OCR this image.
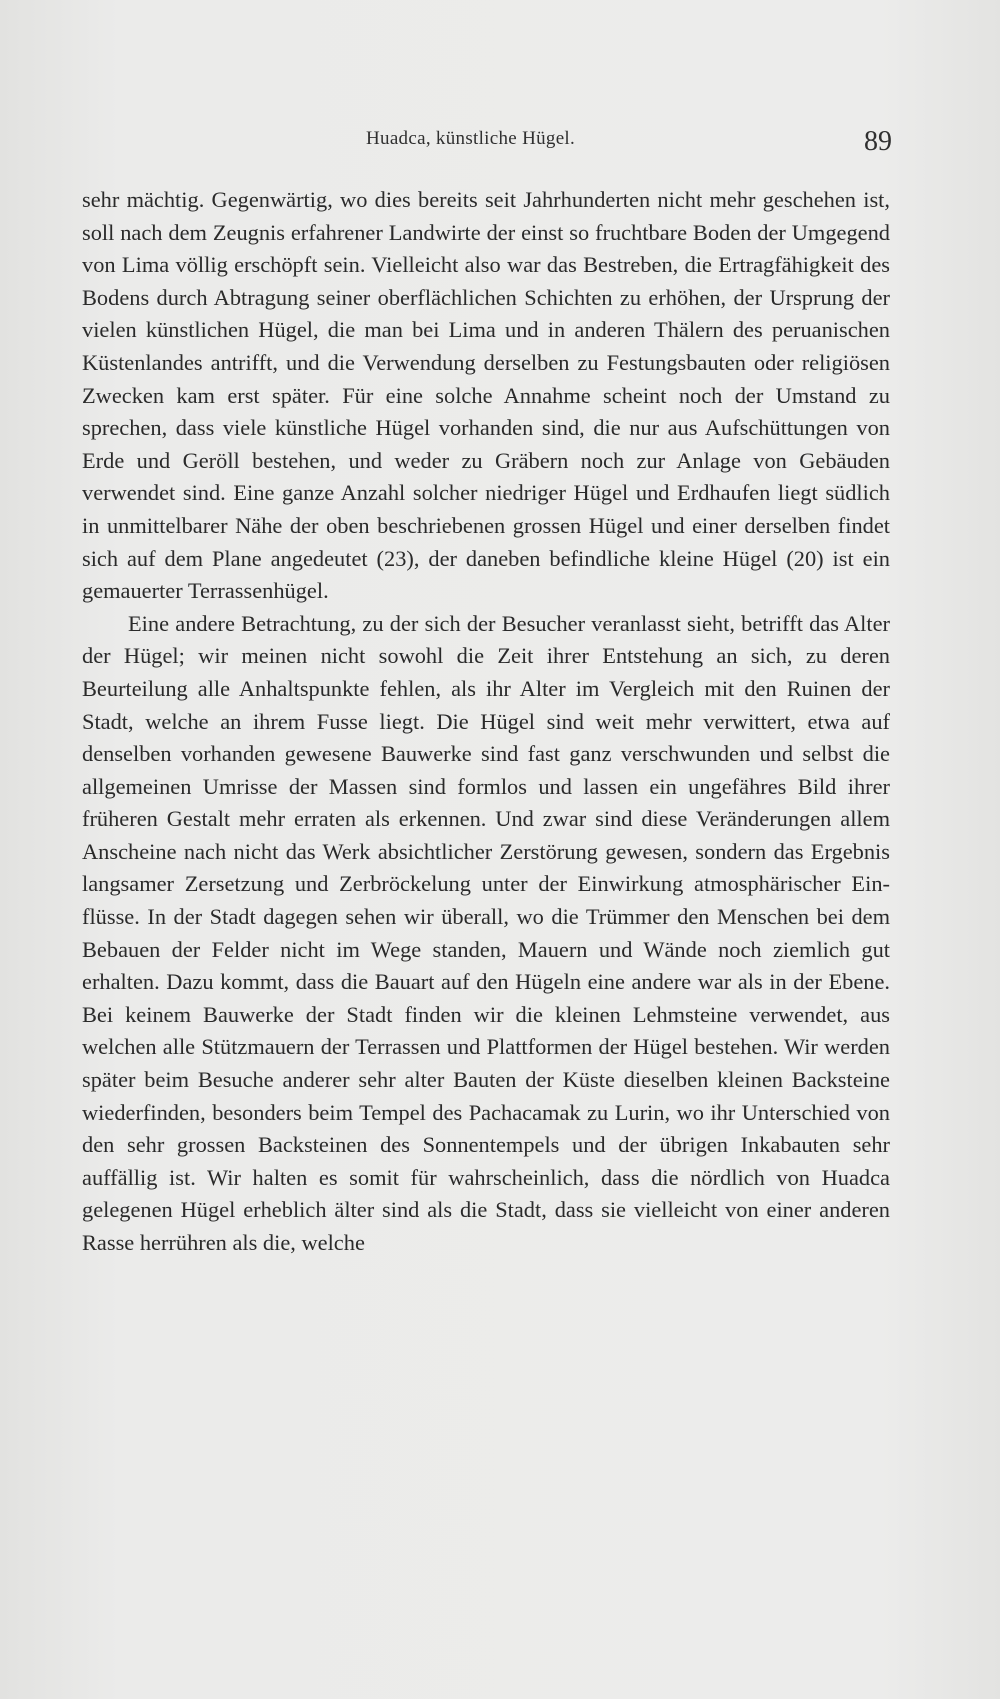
Huadca, künstliche Hügel.	89

sehr mächtig. Gegenwärtig, wo dies bereits seit Jahrhunderten nicht mehr geschehen ist, soll nach dem Zeugnis erfahrener Landwirte der einst so fruchtbare Boden der Umgegend von Lima völlig erschöpft sein. Vielleicht also war das Bestreben, die Ertragfähigkeit des Bodens durch Abtragung seiner oberflächlichen Schichten zu erhöhen, der Ursprung der vielen künstlichen Hügel, die man bei Lima und in anderen Thälern des peruanischen Küstenlandes antrifft, und die Verwendung derselben zu Festungsbauten oder religiösen Zwecken kam erst später. Für eine solche Annahme scheint noch der Umstand zu sprechen, dass viele künstliche Hügel vorhanden sind, die nur aus Aufschüttungen von Erde und Geröll bestehen, und weder zu Gräbern noch zur Anlage von Gebäuden verwendet sind. Eine ganze Anzahl solcher niedriger Hügel und Erdhaufen liegt südlich in unmittelbarer Nähe der oben beschriebenen grossen Hügel und einer derselben findet sich auf dem Plane angedeutet (23), der daneben befindliche kleine Hügel (20) ist ein gemauerter Terrassenhügel.

Eine andere Betrachtung, zu der sich der Besucher veranlasst sieht, betrifft das Alter der Hügel; wir meinen nicht sowohl die Zeit ihrer Entstehung an sich, zu deren Beurteilung alle Anhaltspunkte fehlen, als ihr Alter im Vergleich mit den Ruinen der Stadt, welche an ihrem Fusse liegt. Die Hügel sind weit mehr verwittert, etwa auf denselben vorhanden gewesene Bauwerke sind fast ganz verschwunden und selbst die allgemeinen Umrisse der Massen sind formlos und lassen ein ungefähres Bild ihrer früheren Gestalt mehr erraten als erkennen. Und zwar sind diese Veränderungen allem Anscheine nach nicht das Werk absichtlicher Zerstörung gewesen, sondern das Ergebnis langsamer Zersetzung und Zerbröckelung unter der Einwirkung atmosphärischer Einflüsse. In der Stadt dagegen sehen wir überall, wo die Trümmer den Menschen bei dem Bebauen der Felder nicht im Wege standen, Mauern und Wände noch ziemlich gut erhalten. Dazu kommt, dass die Bauart auf den Hügeln eine andere war als in der Ebene. Bei keinem Bauwerke der Stadt finden wir die kleinen Lehmsteine verwendet, aus welchen alle Stützmauern der Terrassen und Plattformen der Hügel bestehen. Wir werden später beim Besuche anderer sehr alter Bauten der Küste dieselben kleinen Backsteine wiederfinden, besonders beim Tempel des Pachacamak zu Lurin, wo ihr Unterschied von den sehr grossen Backsteinen des Sonnentempels und der übrigen Inkabauten sehr auffällig ist. Wir halten es somit für wahrscheinlich, dass die nördlich von Huadca gelegenen Hügel erheblich älter sind als die Stadt, dass sie vielleicht von einer anderen Rasse herrühren als die, welche
